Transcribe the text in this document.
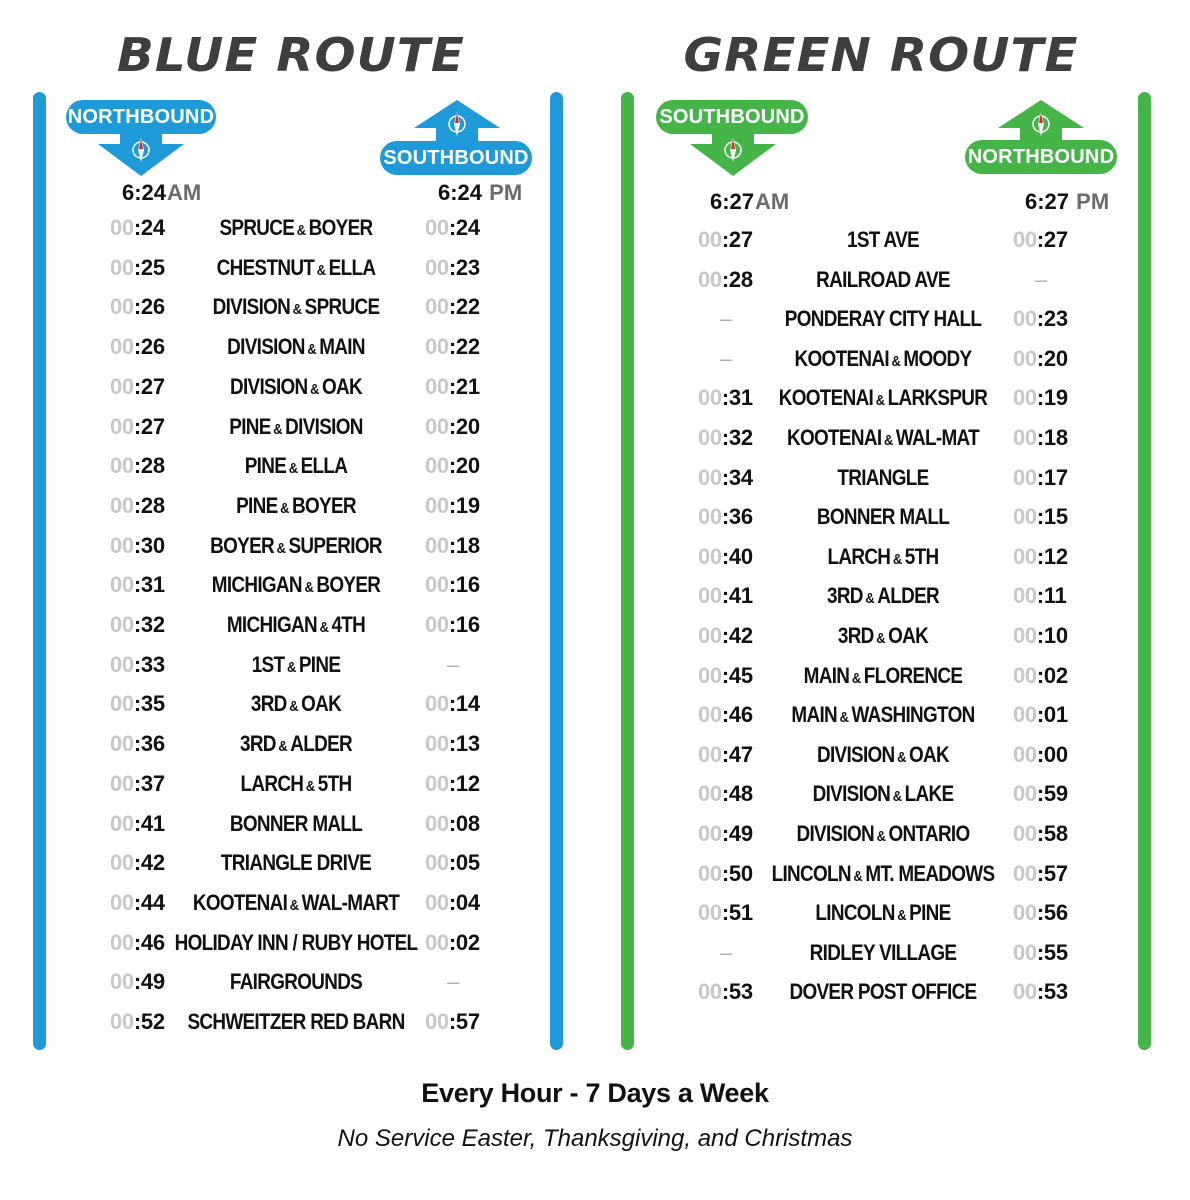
BLUE ROUTE
NORTHBOUND
SOUTHBOUND
6:24AM	6:24 PM
00:24	SPRUCE & BOYER	00:24
00:25	CHESTNUT & ELLA	00:23
00:26	DIVISION & SPRUCE	00:22
00:26	DIVISION & MAIN	00:22
00:27	DIVISION & OAK	00:21
00:27	PINE & DIVISION	00:20
00:28	PINE & ELLA	00:20
00:28	PINE & BOYER	00:19
00:30	BOYER & SUPERIOR	00:18
00:31	MICHIGAN & BOYER	00:16
00:32	MICHIGAN & 4TH	00:16
00:33	1ST & PINE	–
00:35	3RD & OAK	00:14
00:36	3RD & ALDER	00:13
00:37	LARCH & 5TH	00:12
00:41	BONNER MALL	00:08
00:42	TRIANGLE DRIVE	00:05
00:44	KOOTENAI & WAL-MART	00:04
00:46 HOLIDAY INN / RUBY HOTEL 00:02
00:49	FAIRGROUNDS	–
00:52	SCHWEITZER RED BARN 00:57
GREEN ROUTE
SOUTHBOUND
NORTHBOUND
6:27AM	6:27 PM
00:27	1ST AVE	00:27
00:28	RAILROAD AVE	–
–	PONDERAY CITY HALL	00:23
–	KOOTENAI & MOODY	00:20
00:31	KOOTENAI & LARKSPUR	00:19
00:32	KOOTENAI & WAL-MAT	00:18
00:34	TRIANGLE	00:17
00:36	BONNER MALL	00:15
00:40	LARCH & 5TH	00:12
00:41	3RD & ALDER	00:11
00:42	3RD & OAK	00:10
00:45	MAIN & FLORENCE	00:02
00:46	MAIN & WASHINGTON	00:01
00:47	DIVISION & OAK	00:00
00:48	DIVISION & LAKE	00:59
00:49	DIVISION & ONTARIO	00:58
00:50 LINCOLN & MT. MEADOWS 00:57
00:51	LINCOLN & PINE	00:56
–	RIDLEY VILLAGE	00:55
00:53	DOVER POST OFFICE	00:53
Every Hour - 7 Days a Week
No Service Easter, Thanksgiving, and Christmas
